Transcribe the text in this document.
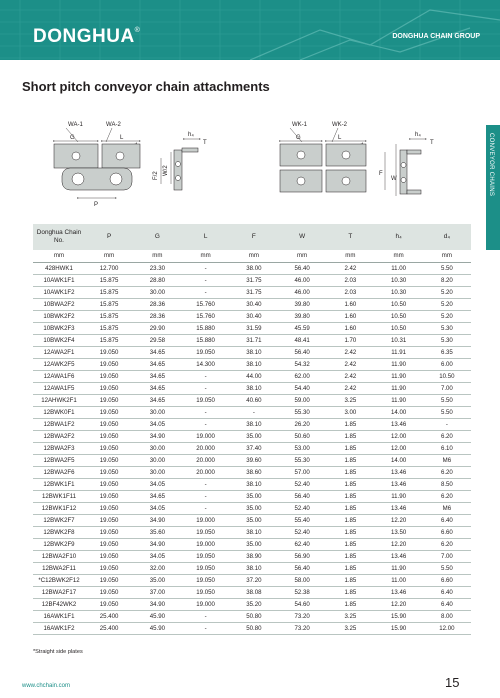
DONGHUA®
DONGHUA CHAIN GROUP
CONVEYOR CHAINS
Short pitch conveyor chain attachments
WA-1	WA-2
G	L
P
F/2 W/2
h₄
T
WK-1	WK-2
G	L
F
W
h₄
T
Donghua Chain No.	P	G	L	F	W	T	h₄	d₄
mm	mm	mm	mm	mm	mm	mm	mm	mm
428HWK1	12.700	23.30	-	38.00	56.40	2.42	11.00	5.50
10AWK1F1	15.875	28.80	-	31.75	46.00	2.03	10.30	8.20
10AWK1F2	15.875	30.00	-	31.75	46.00	2.03	10.30	5.20
10BWA2F2	15.875	28.36	15.760	30.40	39.80	1.60	10.50	5.20
10BWK2F2	15.875	28.36	15.760	30.40	39.80	1.60	10.50	5.20
10BWK2F3	15.875	29.90	15.880	31.59	45.59	1.60	10.50	5.30
10BWK2F4	15.875	29.58	15.880	31.71	48.41	1.70	10.31	5.30
12AWA2F1	19.050	34.65	19.050	38.10	56.40	2.42	11.91	6.35
12AWK2F5	19.050	34.65	14.300	38.10	54.32	2.42	11.90	6.00
12AWA1F6	19.050	34.65	-	44.00	62.00	2.42	11.90	10.50
12AWA1F5	19.050	34.65	-	38.10	54.40	2.42	11.90	7.00
12AHWK2F1	19.050	34.65	19.050	40.60	59.00	3.25	11.90	5.50
12BWK0F1	19.050	30.00	-	-	55.30	3.00	14.00	5.50
12BWA1F2	19.050	34.05	-	38.10	26.20	1.85	13.46	-
12BWA2F2	19.050	34.90	19.000	35.00	50.60	1.85	12.00	6.20
12BWA2F3	19.050	30.00	20.000	37.40	53.00	1.85	12.00	6.10
12BWA2F5	19.050	30.00	20.000	39.60	55.30	1.85	14.00	M6
12BWA2F6	19.050	30.00	20.000	38.60	57.00	1.85	13.46	6.20
12BWK1F1	19.050	34.05	-	38.10	52.40	1.85	13.46	8.50
12BWK1F11	19.050	34.65	-	35.00	56.40	1.85	11.90	6.20
12BWK1F12	19.050	34.05	-	35.00	52.40	1.85	13.46	M6
12BWK2F7	19.050	34.90	19.000	35.00	55.40	1.85	12.20	6.40
12BWK2F8	19.050	35.60	19.050	38.10	52.40	1.85	13.50	6.60
12BWK2F9	19.050	34.90	19.000	35.00	62.40	1.85	12.20	6.20
12BWA2F10	19.050	34.05	19.050	38.90	56.90	1.85	13.46	7.00
12BWA2F11	19.050	32.00	19.050	38.10	56.40	1.85	11.90	5.50
*C12BWK2F12	19.050	35.00	19.050	37.20	58.00	1.85	11.00	6.60
12BWA2F17	19.050	37.00	19.050	38.08	52.38	1.85	13.46	6.40
12BF42WK2	19.050	34.90	19.000	35.20	54.60	1.85	12.20	6.40
16AWK1F1	25.400	45.90	-	50.80	73.20	3.25	15.90	8.00
16AWK1F2	25.400	45.90	-	50.80	73.20	3.25	15.90	12.00
*Straight side plates
www.chchain.com	15
